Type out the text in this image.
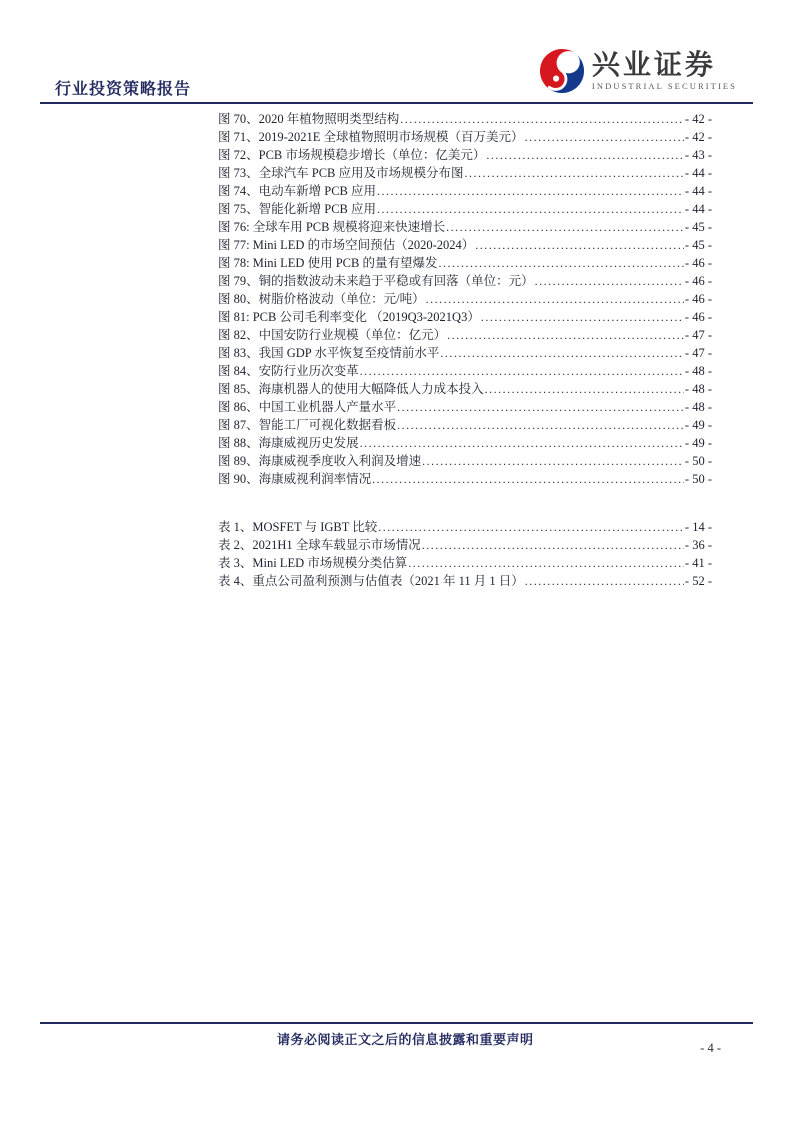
行业投资策略报告
兴业证券
INDUSTRIAL SECURITIES
图 70、2020 年植物照明类型结构 .....	- 42 -
图 71、2019-2021E 全球植物照明市场规模（百万美元） .....	- 42 -
图 72、PCB 市场规模稳步增长（单位：亿美元） .....	- 43 -
图 73、全球汽车 PCB 应用及市场规模分布图 .....	- 44 -
图 74、电动车新增 PCB 应用 .....	- 44 -
图 75、智能化新增 PCB 应用 .....	- 44 -
图 76: 全球车用 PCB 规模将迎来快速增长 .....	- 45 -
图 77: Mini LED 的市场空间预估（2020-2024） .....	- 45 -
图 78: Mini LED 使用 PCB 的量有望爆发 .....	- 46 -
图 79、铜的指数波动未来趋于平稳或有回落（单位：元） .....	- 46 -
图 80、树脂价格波动（单位：元/吨） .....	- 46 -
图 81: PCB 公司毛利率变化 （2019Q3-2021Q3） .....	- 46 -
图 82、中国安防行业规模（单位：亿元） .....	- 47 -
图 83、我国 GDP 水平恢复至疫情前水平 .....	- 47 -
图 84、安防行业历次变革 .....	- 48 -
图 85、海康机器人的使用大幅降低人力成本投入 .....	- 48 -
图 86、中国工业机器人产量水平 .....	- 48 -
图 87、智能工厂可视化数据看板 .....	- 49 -
图 88、海康威视历史发展 .....	- 49 -
图 89、海康威视季度收入利润及增速 .....	- 50 -
图 90、海康威视利润率情况 .....	- 50 -
表 1、MOSFET 与 IGBT 比较 .....	- 14 -
表 2、2021H1 全球车载显示市场情况 .....	- 36 -
表 3、Mini LED 市场规模分类估算 .....	- 41 -
表 4、重点公司盈利预测与估值表（2021 年 11 月 1 日） .....	- 52 -
请务必阅读正文之后的信息披露和重要声明
- 4 -
